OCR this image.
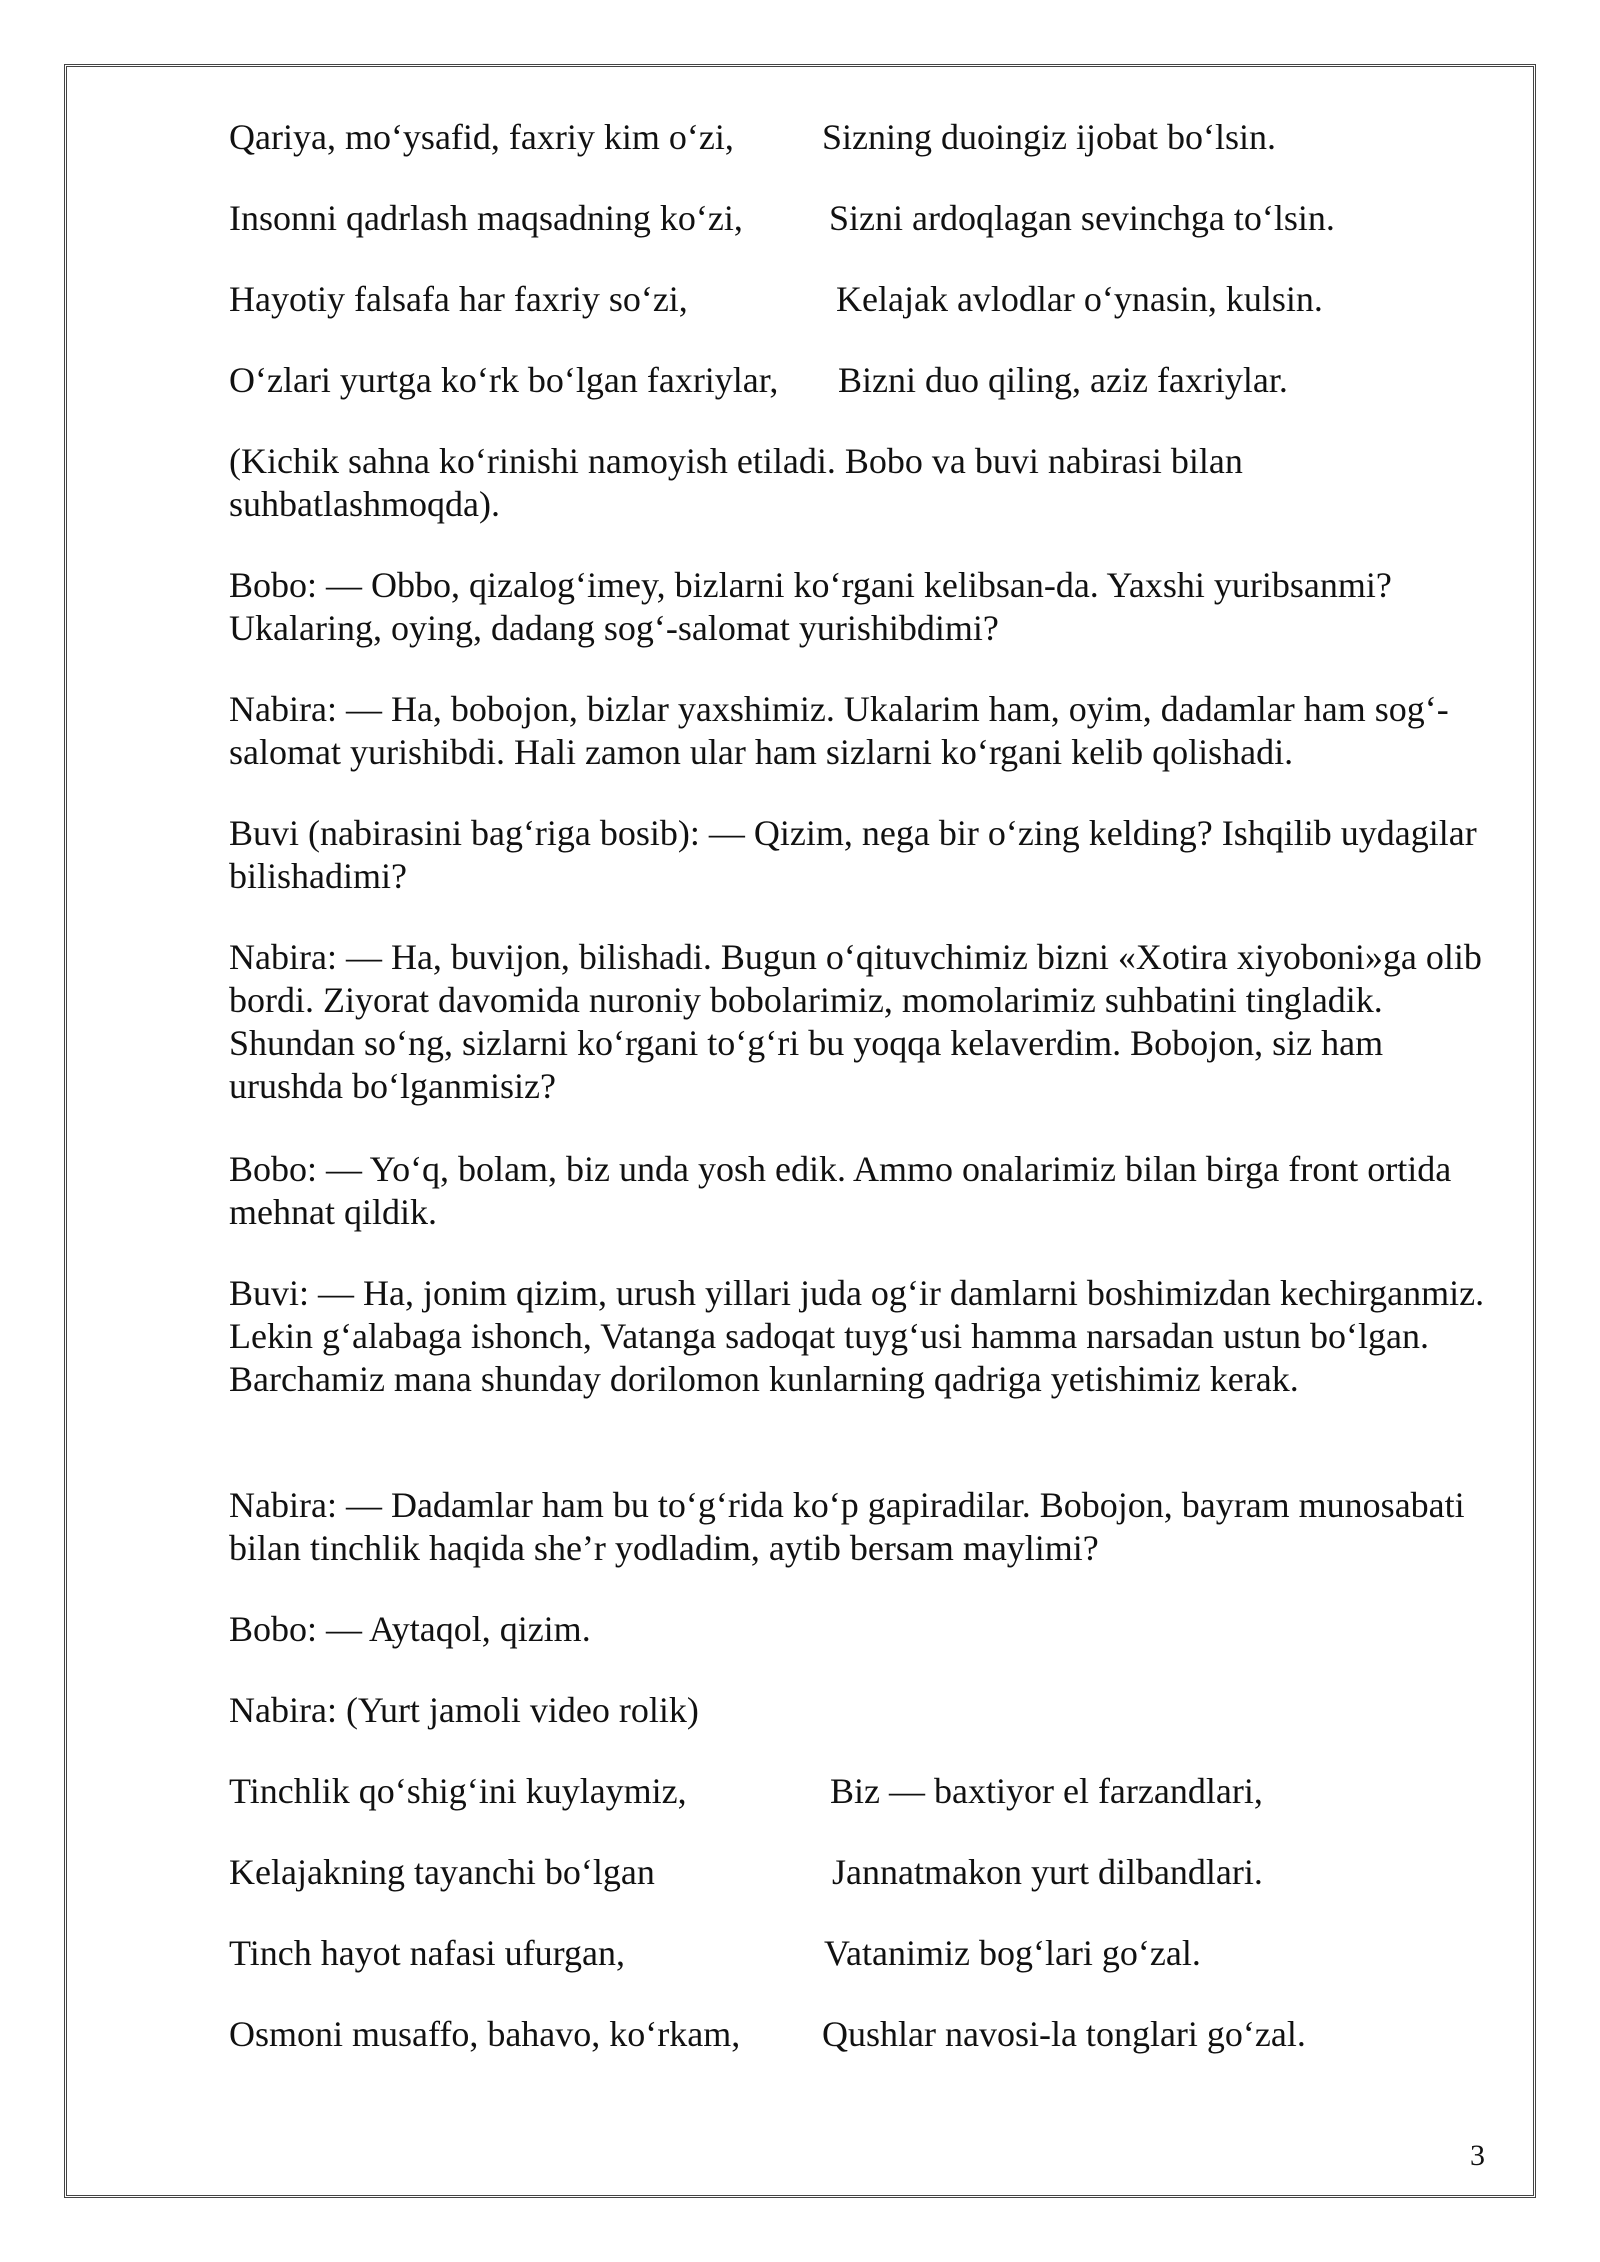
Qariya, mo‘ysafid, faxriy kim o‘zi, Sizning duoingiz ijobat bo‘lsin.
Insonni qadrlash maqsadning ko‘zi, Sizni ardoqlagan sevinchga to‘lsin.
Hayotiy falsafa har faxriy so‘zi,	Kelajak avlodlar o‘ynasin, kulsin.
O‘zlari yurtga ko‘rk bo‘lgan faxriylar, Bizni duo qiling, aziz faxriylar.

(Kichik sahna ko‘rinishi namoyish etiladi. Bobo va buvi nabirasi bilan suhbatlashmoqda).

Bobo: — Obbo, qizalog‘imey, bizlarni ko‘rgani kelibsan-da. Yaxshi yuribsanmi? Ukalaring, oying, dadang sog‘-salomat yurishibdimi?

Nabira: — Ha, bobojon, bizlar yaxshimiz. Ukalarim ham, oyim, dadamlar ham sog‘-salomat yurishibdi. Hali zamon ular ham sizlarni ko‘rgani kelib qolishadi.

Buvi (nabirasini bag‘riga bosib): — Qizim, nega bir o‘zing kelding? Ishqilib uydagilar bilishadimi?

Nabira: — Ha, buvijon, bilishadi. Bugun o‘qituvchimiz bizni «Xotira xiyoboni»ga olib bordi. Ziyorat davomida nuroniy bobolarimiz, momolarimiz suhbatini tingladik. Shundan so‘ng, sizlarni ko‘rgani to‘g‘ri bu yoqqa kelaverdim. Bobojon, siz ham urushda bo‘lganmisiz?

Bobo: — Yo‘q, bolam, biz unda yosh edik. Ammo onalarimiz bilan birga front ortida mehnat qildik.

Buvi: — Ha, jonim qizim, urush yillari juda og‘ir damlarni boshimizdan kechirganmiz. Lekin g‘alabaga ishonch, Vatanga sadoqat tuyg‘usi hamma narsadan ustun bo‘lgan. Barchamiz mana shunday dorilomon kunlarning qadriga yetishimiz kerak.

Nabira: — Dadamlar ham bu to‘g‘rida ko‘p gapiradilar. Bobojon, bayram munosabati bilan tinchlik haqida she’r yodladim, aytib bersam maylimi?

Bobo: — Aytaqol, qizim.

Nabira: (Yurt jamoli video rolik)

Tinchlik qo‘shig‘ini kuylaymiz,	Biz — baxtiyor el farzandlari,
Kelajakning tayanchi bo‘lgan	Jannatmakon yurt dilbandlari.
Tinch hayot nafasi ufurgan,	Vatanimiz bog‘lari go‘zal.
Osmoni musaffo, bahavo, ko‘rkam, Qushlar navosi-la tonglari go‘zal.
3
